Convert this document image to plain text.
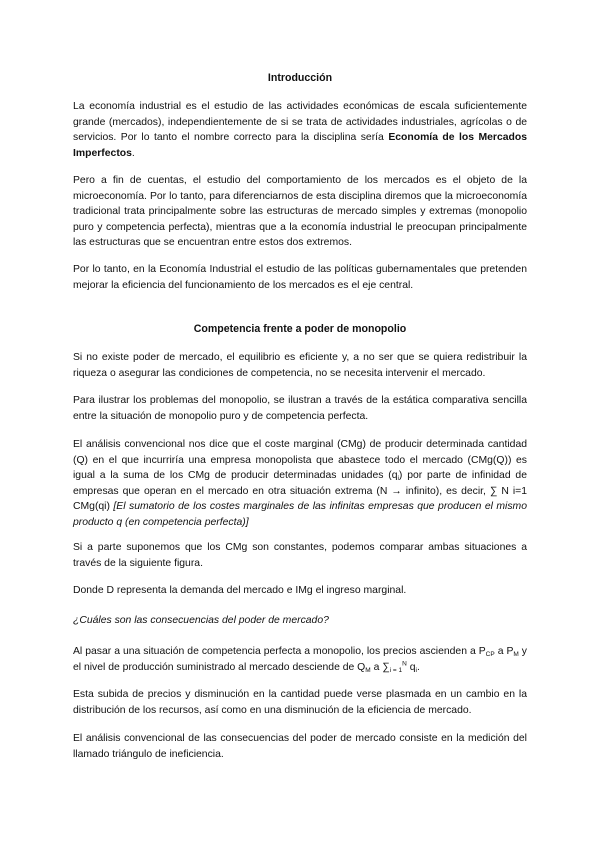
Introducción

La economía industrial es el estudio de las actividades económicas de escala suficientemente grande (mercados), independientemente de si se trata de actividades industriales, agrícolas o de servicios. Por lo tanto el nombre correcto para la disciplina sería Economía de los Mercados Imperfectos.

Pero a fin de cuentas, el estudio del comportamiento de los mercados es el objeto de la microeconomía. Por lo tanto, para diferenciarnos de esta disciplina diremos que la microeconomía tradicional trata principalmente sobre las estructuras de mercado simples y extremas (monopolio puro y competencia perfecta), mientras que a la economía industrial le preocupan principalmente las estructuras que se encuentran entre estos dos extremos.

Por lo tanto, en la Economía Industrial el estudio de las políticas gubernamentales que pretenden mejorar la eficiencia del funcionamiento de los mercados es el eje central.

Competencia frente a poder de monopolio

Si no existe poder de mercado, el equilibrio es eficiente y, a no ser que se quiera redistribuir la riqueza o asegurar las condiciones de competencia, no se necesita intervenir el mercado.

Para ilustrar los problemas del monopolio, se ilustran a través de la estática comparativa sencilla entre la situación de monopolio puro y de competencia perfecta.

El análisis convencional nos dice que el coste marginal (CMg) de producir determinada cantidad (Q) en el que incurriría una empresa monopolista que abastece todo el mercado (CMg(Q)) es igual a la suma de los CMg de producir determinadas unidades $(q_i)$ por parte de infinidad de empresas que operan en el mercado en otra situación extrema (N → infinito), es decir, ∑ N i=1 CMg(qi) [El sumatorio de los costes marginales de las infinitas empresas que producen el mismo producto q (en competencia perfecta)]

Si a parte suponemos que los CMg son constantes, podemos comparar ambas situaciones a través de la siguiente figura.

Donde D representa la demanda del mercado e IMg el ingreso marginal.

¿Cuáles son las consecuencias del poder de mercado?

Al pasar a una situación de competencia perfecta a monopolio, los precios ascienden a $P_{CP}$ a $P_M$ y el nivel de producción suministrado al mercado desciende de $Q_M$ a $\sum_{i = 1}^N$ $q_i$.

Esta subida de precios y disminución en la cantidad puede verse plasmada en un cambio en la distribución de los recursos, así como en una disminución de la eficiencia de mercado.

El análisis convencional de las consecuencias del poder de mercado consiste en la medición del llamado triángulo de ineficiencia.
